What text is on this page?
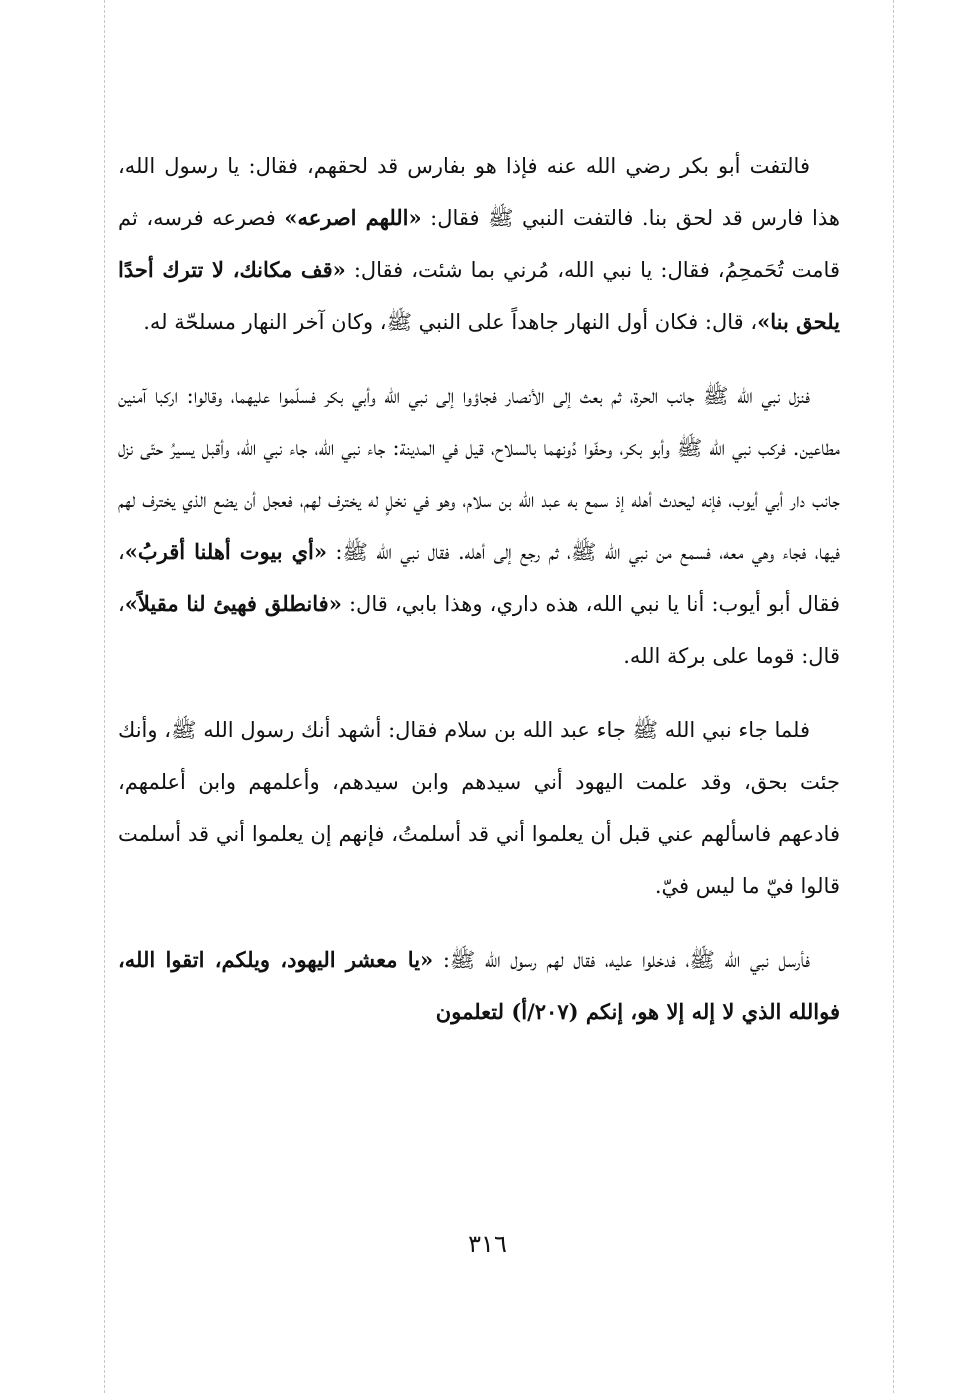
فالتفت أبو بكر رضي الله عنه فإذا هو بفارس قد لحقهم، فقال: يا رسول الله، هذا فارس قد لحق بنا. فالتفت النبي ﷺ فقال: «اللهم اصرعه» فصرعه فرسه، ثم قامت تُحَمحِمُ، فقال: يا نبي الله، مُرني بما شئت، فقال: «قف مكانك، لا تترك أحدًا يلحق بنا»، قال: فكان أول النهار جاهداً على النبي ﷺ، وكان آخر النهار مسلحّة له.

فنزل نبي الله ﷺ جانب الحرة، ثم بعث إلى الأنصار فجاؤوا إلى نبي الله وأبي بكر فسلّموا عليهما، وقالوا: اركبا آمنين مطاعين. فركب نبي الله ﷺ وأبو بكر، وحفّوا دُونهما بالسلاح، قيل في المدينة: جاء نبي الله، جاء نبي الله، وأقبل يسيرُ حتّى نزل جانب دار أبي أيوب، فإنه ليحدث أهله إذ سمع به عبد الله بن سلام، وهو في نخلٍ له يخترف لهم، فعجل أن يضع الذي يخترف لهم فيها، فجاء وهي معه، فسمع من نبي الله ﷺ، ثم رجع إلى أهله. فقال نبي الله ﷺ: «أي بيوت أهلنا أقربُ»، فقال أبو أيوب: أنا يا نبي الله، هذه داري، وهذا بابي، قال: «فانطلق فهيئ لنا مقيلاً»، قال: قوما على بركة الله.

فلما جاء نبي الله ﷺ جاء عبد الله بن سلام فقال: أشهد أنك رسول الله ﷺ، وأنك جئت بحق، وقد علمت اليهود أني سيدهم وابن سيدهم، وأعلمهم وابن أعلمهم، فادعهم فاسألهم عني قبل أن يعلموا أني قد أسلمتُ، فإنهم إن يعلموا أني قد أسلمت قالوا فيّ ما ليس فيّ.

فأرسل نبي الله ﷺ، فدخلوا عليه، فقال لهم رسول الله ﷺ: «يا معشر اليهود، ويلكم، اتقوا الله، فوالله الذي لا إله إلا هو، إنكم (٢٠٧/أ) لتعلمون

٣١٦
